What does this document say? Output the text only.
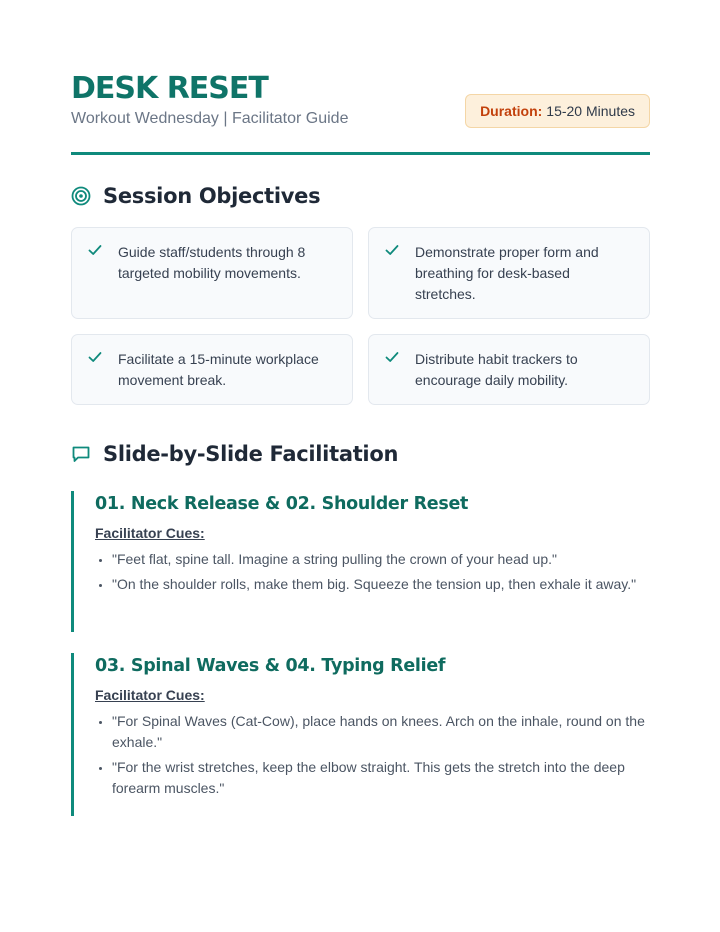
DESK RESET
Workout Wednesday | Facilitator Guide	Duration: 15-20 Minutes
Session Objectives
Guide staff/students through 8 targeted mobility movements.
Demonstrate proper form and breathing for desk-based stretches.
Facilitate a 15-minute workplace movement break.
Distribute habit trackers to encourage daily mobility.
Slide-by-Slide Facilitation
01. Neck Release & 02. Shoulder Reset
Facilitator Cues:
• "Feet flat, spine tall. Imagine a string pulling the crown of your head up."
• "On the shoulder rolls, make them big. Squeeze the tension up, then exhale it away."
03. Spinal Waves & 04. Typing Relief
Facilitator Cues:
• "For Spinal Waves (Cat-Cow), place hands on knees. Arch on the inhale, round on the exhale."
• "For the wrist stretches, keep the elbow straight. This gets the stretch into the deep forearm muscles."
